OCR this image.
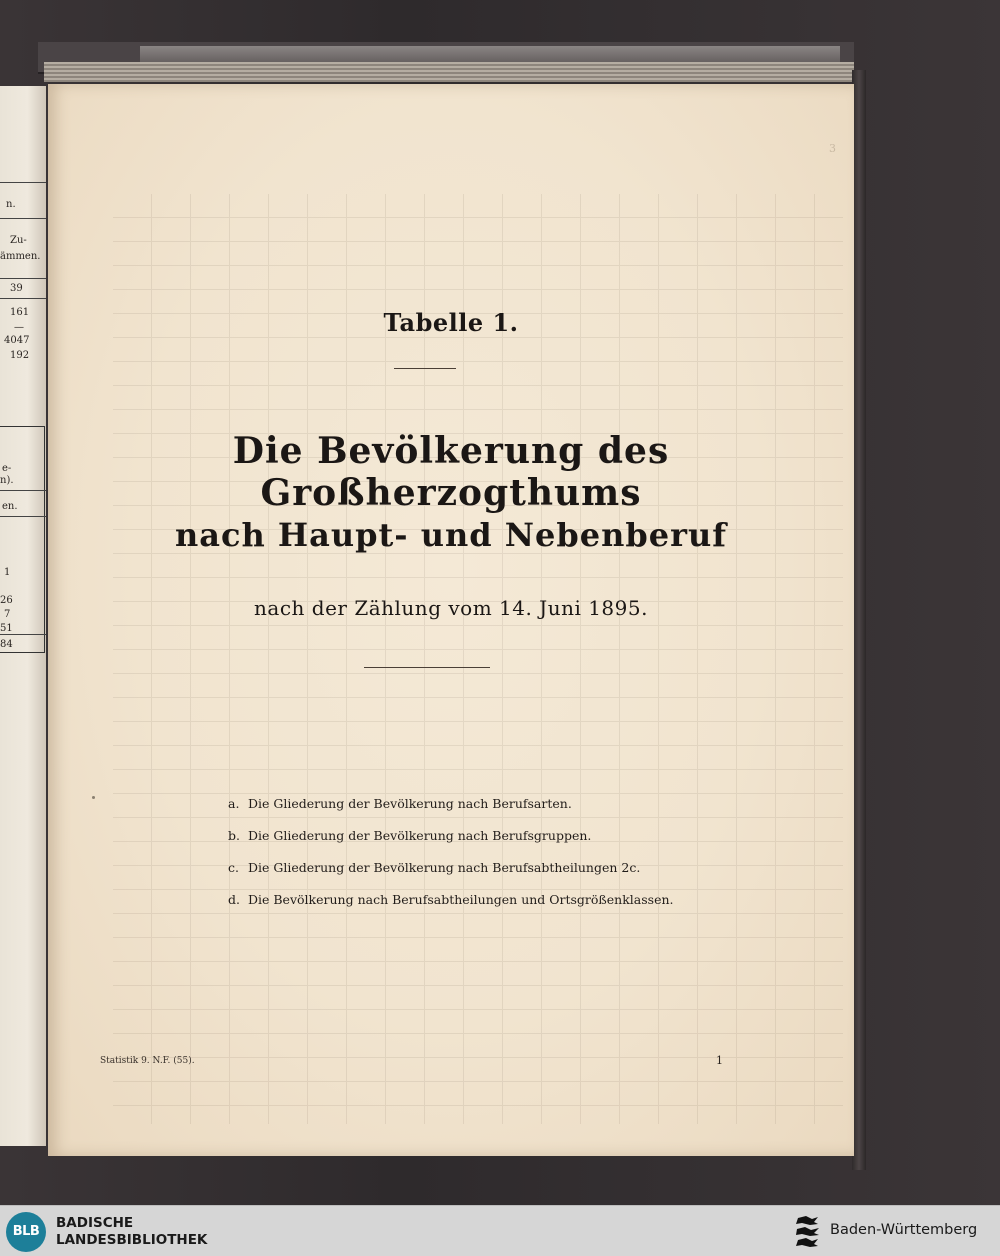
n.
Zu-
ämmen.
39
161
—
4047
192
e-
n).
en.
1
26
7
51
84
3
Tabelle 1.
Die Bevölkerung des Großherzogthums
nach Haupt- und Nebenberuf
nach der Zählung vom 14. Juni 1895.
a. Die Gliederung der Bevölkerung nach Berufsarten.
b. Die Gliederung der Bevölkerung nach Berufsgruppen.
c. Die Gliederung der Bevölkerung nach Berufsabtheilungen 2c.
d. Die Bevölkerung nach Berufsabtheilungen und Ortsgrößenklassen.
Statistik 9. N.F. (55).	1
BLB
BADISCHE
LANDESBIBLIOTHEK
Baden-Württemberg
